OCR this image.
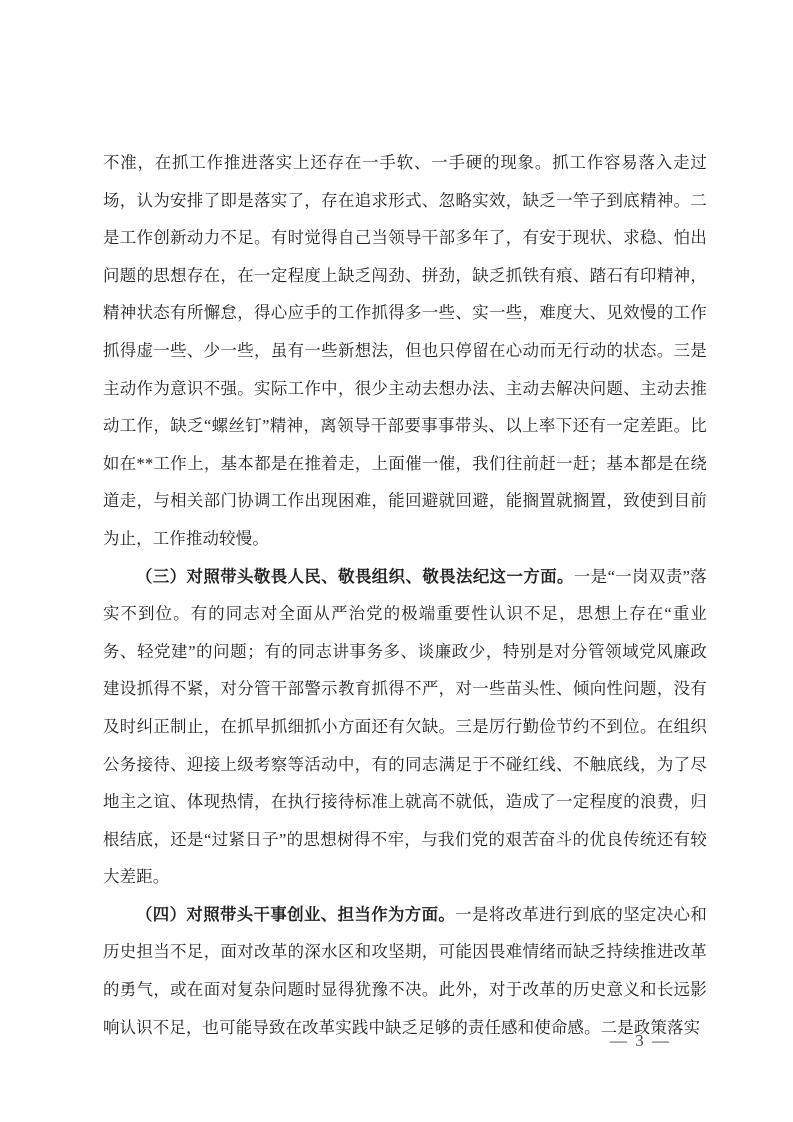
不准，在抓工作推进落实上还存在一手软、一手硬的现象。抓工作容易落入走过场，认为安排了即是落实了，存在追求形式、忽略实效，缺乏一竿子到底精神。二是工作创新动力不足。有时觉得自己当领导干部多年了，有安于现状、求稳、怕出问题的思想存在，在一定程度上缺乏闯劲、拼劲，缺乏抓铁有痕、踏石有印精神，精神状态有所懈怠，得心应手的工作抓得多一些、实一些，难度大、见效慢的工作抓得虚一些、少一些，虽有一些新想法，但也只停留在心动而无行动的状态。三是主动作为意识不强。实际工作中，很少主动去想办法、主动去解决问题、主动去推动工作，缺乏“螺丝钉”精神，离领导干部要事事带头、以上率下还有一定差距。比如在**工作上，基本都是在推着走，上面催一催，我们往前赶一赶；基本都是在绕道走，与相关部门协调工作出现困难，能回避就回避，能搁置就搁置，致使到目前为止，工作推动较慢。

（三）对照带头敬畏人民、敬畏组织、敬畏法纪这一方面。一是“一岗双责”落实不到位。有的同志对全面从严治党的极端重要性认识不足，思想上存在“重业务、轻党建”的问题；有的同志讲事务多、谈廉政少，特别是对分管领域党风廉政建设抓得不紧，对分管干部警示教育抓得不严，对一些苗头性、倾向性问题，没有及时纠正制止，在抓早抓细抓小方面还有欠缺。三是厉行勤俭节约不到位。在组织公务接待、迎接上级考察等活动中，有的同志满足于不碰红线、不触底线，为了尽地主之谊、体现热情，在执行接待标准上就高不就低，造成了一定程度的浪费，归根结底，还是“过紧日子”的思想树得不牢，与我们党的艰苦奋斗的优良传统还有较大差距。

（四）对照带头干事创业、担当作为方面。一是将改革进行到底的坚定决心和历史担当不足，面对改革的深水区和攻坚期，可能因畏难情绪而缺乏持续推进改革的勇气，或在面对复杂问题时显得犹豫不决。此外，对于改革的历史意义和长远影响认识不足，也可能导致在改革实践中缺乏足够的责任感和使命感。二是政策落实

— 3 —
